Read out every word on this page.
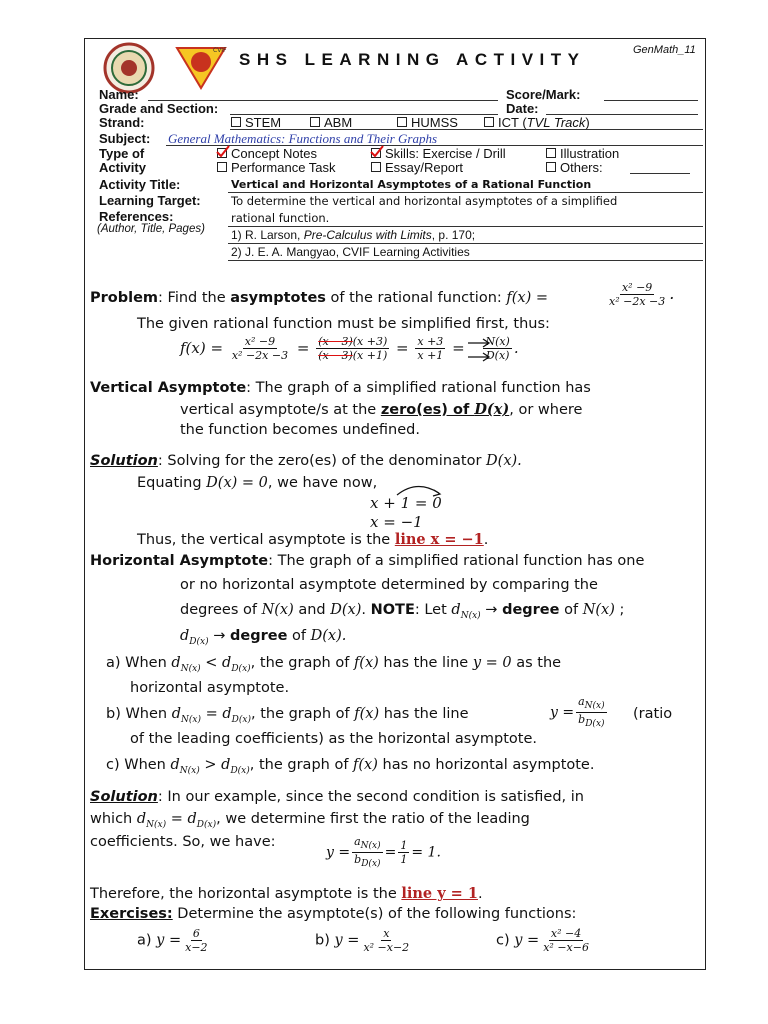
CVIF SHS LEARNING ACTIVITY	GenMath_11
Name:	Score/Mark:
Grade and Section:	Date:
Strand:	STEM	ABM	HUMSS	ICT (TVL Track)
Subject: General Mathematics: Functions and Their Graphs
Type of
Activity
Concept Notes	Skills: Exercise / Drill	Illustration
Performance Task	Essay/Report	Others:
Activity Title:	Vertical and Horizontal Asymptotes of a Rational Function
Learning Target:	To determine the vertical and horizontal asymptotes of a simplified
rational function.
References:
(Author, Title, Pages) 1) R. Larson, Pre-Calculus with Limits, p. 170;
2) J. E. A. Mangyao, CVIF Learning Activities
Problem: Find the asymptotes of the rational function: f(x) =	$\frac{\text{x² −9}}{\text{x² −2x −3}}$ .
The given rational function must be simplified first, thus:
$f(x) = \frac{\text{x² −9}}{\text{x² −2x −3}} = \frac{(x -3)(x +3)}{(x -3)(x +1)} = \frac{x +3}{x +1} = \frac{N(x)}{D(x)}$ .
Vertical Asymptote: The graph of a simplified rational function has
vertical asymptote/s at the zero(es) of D(x), or where
the function becomes undefined.
Solution: Solving for the zero(es) of the denominator D(x).
Equating D(x) = 0, we have now,
x + 1 = 0
x = −1
Thus, the vertical asymptote is the line x = −1.
Horizontal Asymptote: The graph of a simplified rational function has one
or no horizontal asymptote determined by comparing the
degrees of N(x) and D(x). NOTE: Let $d_{N(x)}$ → degree of N(x) ;
$d_{D(x)}$ → degree of D(x).
a) When $d_{N(x)} < d_{D(x)}$, the graph of f(x) has the line y = 0 as the
horizontal asymptote.
b) When $d_{N(x)} = d_{D(x)}$, the graph of f(x) has the line	$y = \frac{a_{N(x)}}{b_{D(x)}}$ (ratio
of the leading coefficients) as the horizontal asymptote.
c) When $d_{N(x)} > d_{D(x)}$, the graph of f(x) has no horizontal asymptote.
Solution: In our example, since the second condition is satisfied, in
which $d_{N(x)} = d_{D(x)}$, we determine first the ratio of the leading
coefficients. So, we have:
$y = \frac{a_{N(x)}}{b_{D(x)}} = \frac{1}{1} = 1$.
Therefore, the horizontal asymptote is the line y = 1.
Exercises: Determine the asymptote(s) of the following functions:
a) $y = \frac{6}{x-2}$	b) $y = \frac{x}{\text{x² −x−2}}$	c) $y = \frac{\text{x² −4}}{\text{x² −x−6}}$
